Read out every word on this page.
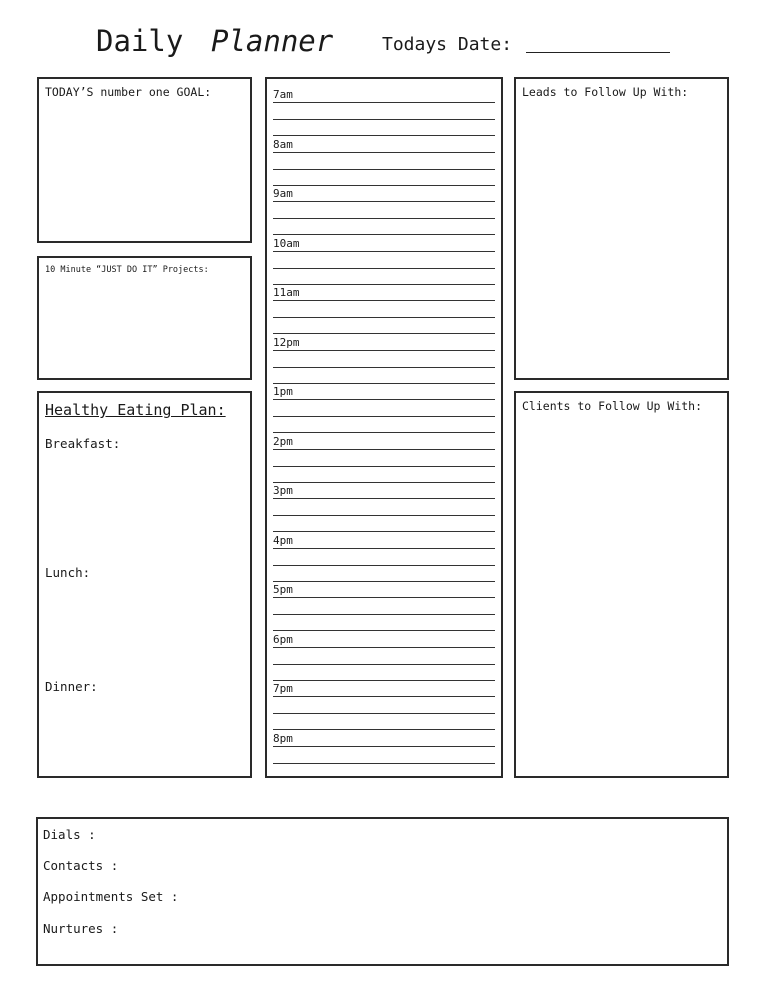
Daily Planner	Todays Date:
TODAY’S number one GOAL:
10 Minute “JUST DO IT” Projects:
Healthy Eating Plan:
Breakfast:
Lunch:
Dinner:
7am
8am
9am
10am
11am
12pm
1pm
2pm
3pm
4pm
5pm
6pm
7pm
8pm
Leads to Follow Up With:
Clients to Follow Up With:
Dials :
Contacts :
Appointments Set :
Nurtures :
